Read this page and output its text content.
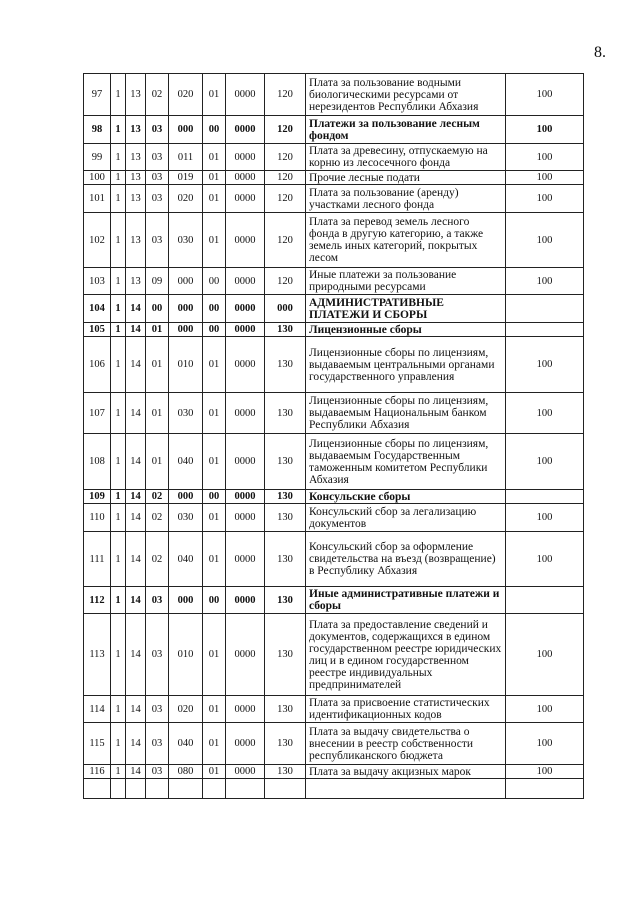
8.
97	1	13	02	020	01	0000	120	Плата за пользование водными биологическими ресурсами от нерезидентов Республики Абхазия	100
98	1	13	03	000	00	0000	120	Платежи за пользование лесным фондом	100
99	1	13	03	011	01	0000	120	Плата за древесину, отпускаемую на корню из лесосечного фонда	100
100	1	13	03	019	01	0000	120	Прочие лесные подати	100
101	1	13	03	020	01	0000	120	Плата за пользование (аренду) участками лесного фонда	100
102	1	13	03	030	01	0000	120	Плата за перевод земель лесного фонда в другую категорию, а также земель иных категорий, покрытых лесом	100
103	1	13	09	000	00	0000	120	Иные платежи за пользование природными ресурсами	100
104	1	14	00	000	00	0000	000	АДМИНИСТРАТИВНЫЕ ПЛАТЕЖИ И СБОРЫ	
105	1	14	01	000	00	0000	130	Лицензионные сборы	
106	1	14	01	010	01	0000	130	Лицензионные сборы по лицензиям, выдаваемым центральными органами государственного управления	100
107	1	14	01	030	01	0000	130	Лицензионные сборы по лицензиям, выдаваемым Национальным банком Республики Абхазия	100
108	1	14	01	040	01	0000	130	Лицензионные сборы по лицензиям, выдаваемым Государственным таможенным комитетом Республики Абхазия	100
109	1	14	02	000	00	0000	130	Консульские сборы	
110	1	14	02	030	01	0000	130	Консульский сбор за легализацию документов	100
111	1	14	02	040	01	0000	130	Консульский сбор за оформление свидетельства на въезд (возвращение) в Республику Абхазия	100
112	1	14	03	000	00	0000	130	Иные административные платежи и сборы	
113	1	14	03	010	01	0000	130	Плата за предоставление сведений и документов, содержащихся в едином государственном реестре юридических лиц и в едином государственном реестре индивидуальных предпринимателей	100
114	1	14	03	020	01	0000	130	Плата за присвоение статистических идентификационных кодов	100
115	1	14	03	040	01	0000	130	Плата за выдачу свидетельства о внесении в реестр собственности республиканского бюджета	100
116	1	14	03	080	01	0000	130	Плата за выдачу акцизных марок	100
